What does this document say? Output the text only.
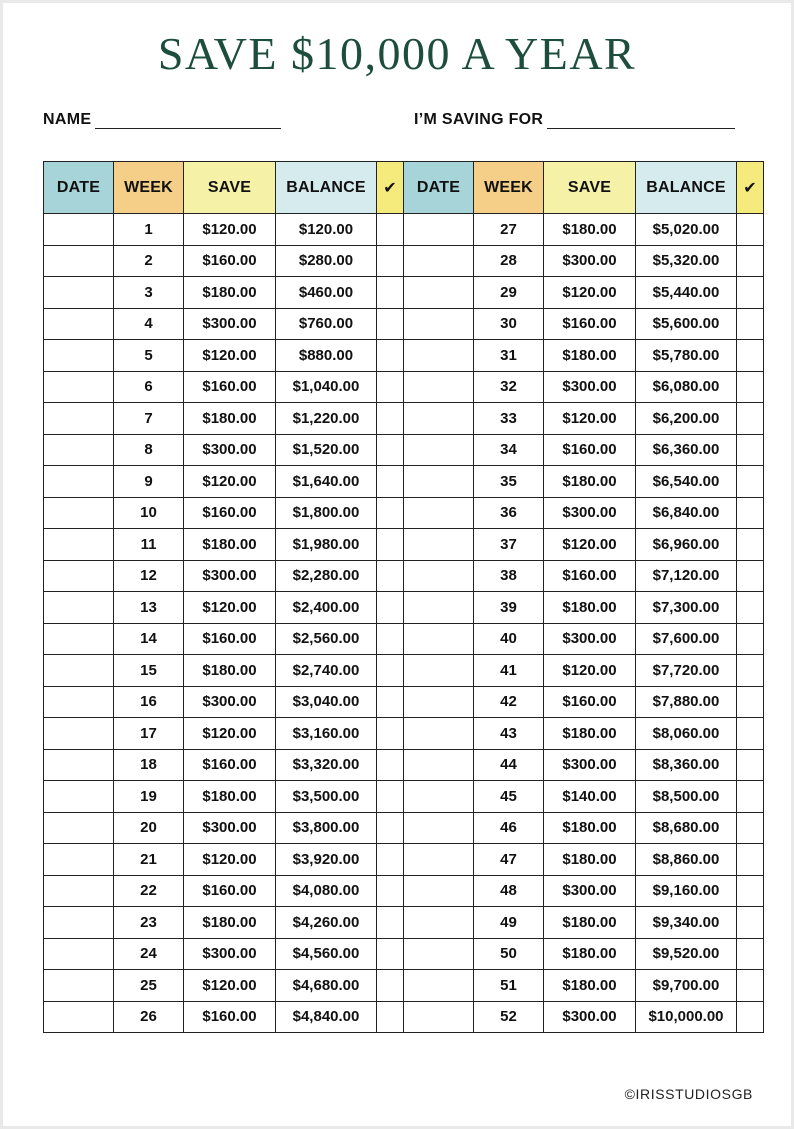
SAVE $10,000 A YEAR
NAME	I’M SAVING FOR
DATE	WEEK	SAVE	BALANCE	✔	DATE	WEEK	SAVE	BALANCE	✔
	1	$120.00	$120.00			27	$180.00	$5,020.00	
	2	$160.00	$280.00			28	$300.00	$5,320.00	
	3	$180.00	$460.00			29	$120.00	$5,440.00	
	4	$300.00	$760.00			30	$160.00	$5,600.00	
	5	$120.00	$880.00			31	$180.00	$5,780.00	
	6	$160.00	$1,040.00			32	$300.00	$6,080.00	
	7	$180.00	$1,220.00			33	$120.00	$6,200.00	
	8	$300.00	$1,520.00			34	$160.00	$6,360.00	
	9	$120.00	$1,640.00			35	$180.00	$6,540.00	
	10	$160.00	$1,800.00			36	$300.00	$6,840.00	
	11	$180.00	$1,980.00			37	$120.00	$6,960.00	
	12	$300.00	$2,280.00			38	$160.00	$7,120.00	
	13	$120.00	$2,400.00			39	$180.00	$7,300.00	
	14	$160.00	$2,560.00			40	$300.00	$7,600.00	
	15	$180.00	$2,740.00			41	$120.00	$7,720.00	
	16	$300.00	$3,040.00			42	$160.00	$7,880.00	
	17	$120.00	$3,160.00			43	$180.00	$8,060.00	
	18	$160.00	$3,320.00			44	$300.00	$8,360.00	
	19	$180.00	$3,500.00			45	$140.00	$8,500.00	
	20	$300.00	$3,800.00			46	$180.00	$8,680.00	
	21	$120.00	$3,920.00			47	$180.00	$8,860.00	
	22	$160.00	$4,080.00			48	$300.00	$9,160.00	
	23	$180.00	$4,260.00			49	$180.00	$9,340.00	
	24	$300.00	$4,560.00			50	$180.00	$9,520.00	
	25	$120.00	$4,680.00			51	$180.00	$9,700.00	
	26	$160.00	$4,840.00			52	$300.00	$10,000.00	
©IRISSTUDIOSGB
